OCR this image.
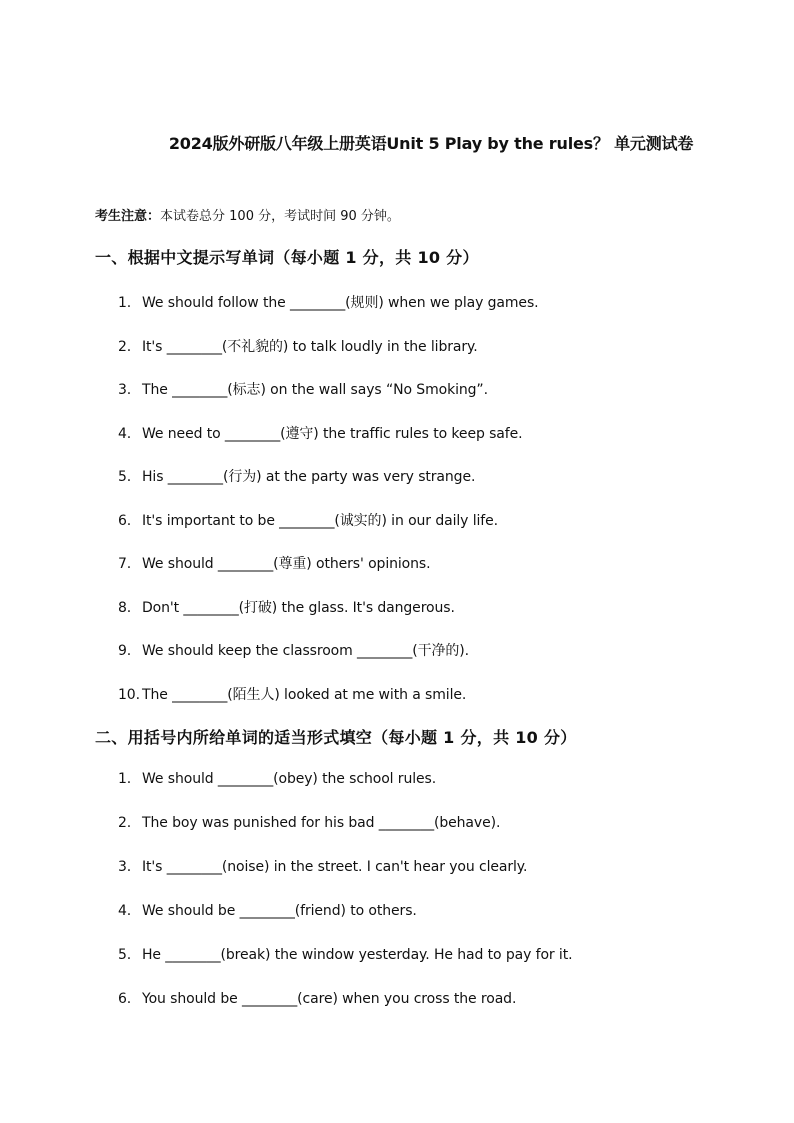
2024版外研版八年级上册英语Unit 5 Play by the rules？ 单元测试卷
考生注意：本试卷总分 100 分，考试时间 90 分钟。
一、根据中文提示写单词（每小题 1 分，共 10 分）
1. We should follow the ________(规则) when we play games.
2. It's ________(不礼貌的) to talk loudly in the library.
3. The ________(标志) on the wall says “No Smoking”.
4. We need to ________(遵守) the traffic rules to keep safe.
5. His ________(行为) at the party was very strange.
6. It's important to be ________(诚实的) in our daily life.
7. We should ________(尊重) others' opinions.
8. Don't ________(打破) the glass. It's dangerous.
9. We should keep the classroom ________(干净的).
10. The ________(陌生人) looked at me with a smile.
二、用括号内所给单词的适当形式填空（每小题 1 分，共 10 分）
1. We should ________(obey) the school rules.
2. The boy was punished for his bad ________(behave).
3. It's ________(noise) in the street. I can't hear you clearly.
4. We should be ________(friend) to others.
5. He ________(break) the window yesterday. He had to pay for it.
6. You should be ________(care) when you cross the road.
